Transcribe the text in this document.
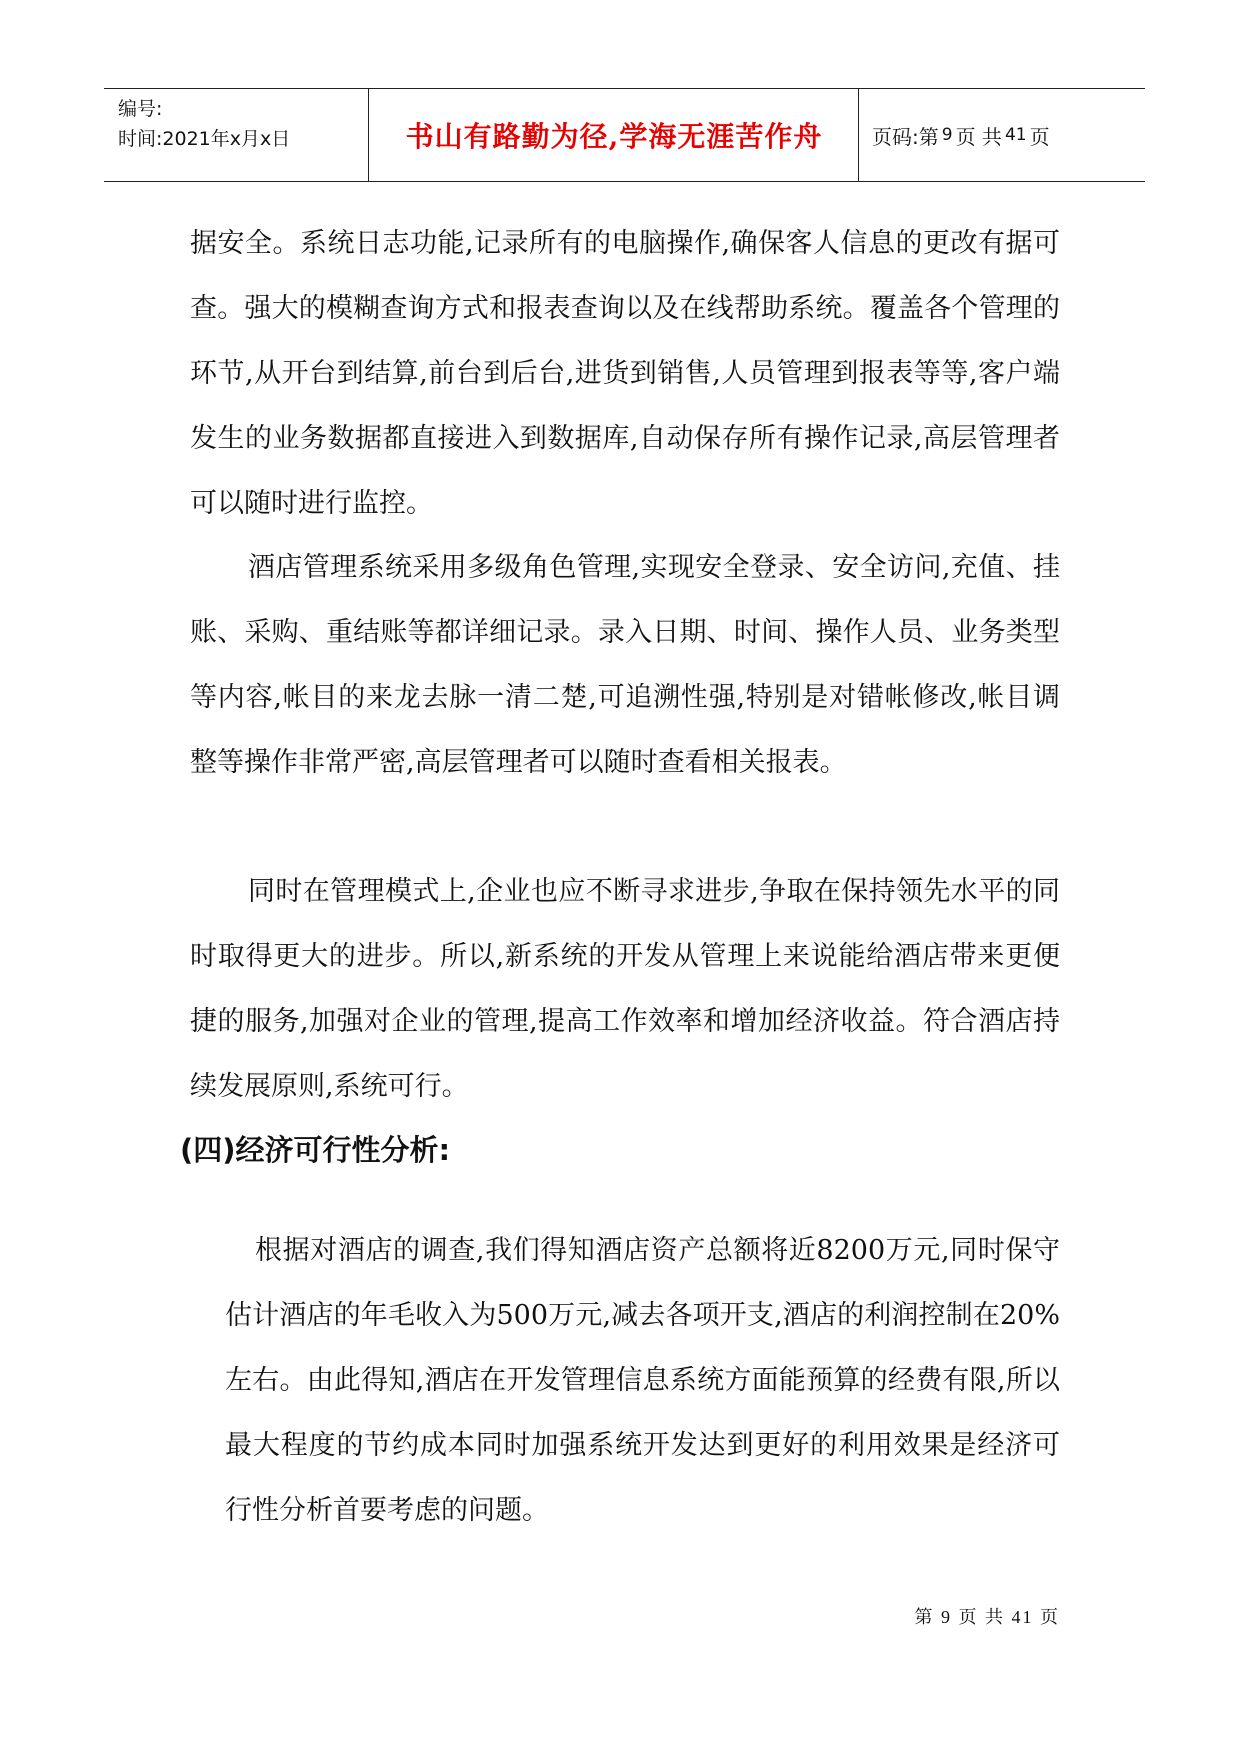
编号:
时间:2021年x月x日	书山有路勤为径,学海无涯苦作舟	页码:第 9 页 共 41 页

据安全。系统日志功能,记录所有的电脑操作,确保客人信息的更改有据可查。强大的模糊查询方式和报表查询以及在线帮助系统。覆盖各个管理的环节,从开台到结算,前台到后台,进货到销售,人员管理到报表等等,客户端发生的业务数据都直接进入到数据库,自动保存所有操作记录,高层管理者可以随时进行监控。

酒店管理系统采用多级角色管理,实现安全登录、安全访问,充值、挂账、采购、重结账等都详细记录。录入日期、时间、操作人员、业务类型等内容,帐目的来龙去脉一清二楚,可追溯性强,特别是对错帐修改,帐目调整等操作非常严密,高层管理者可以随时查看相关报表。

同时在管理模式上,企业也应不断寻求进步,争取在保持领先水平的同时取得更大的进步。所以,新系统的开发从管理上来说能给酒店带来更便捷的服务,加强对企业的管理,提高工作效率和增加经济收益。符合酒店持续发展原则,系统可行。

(四)经济可行性分析:

根据对酒店的调查,我们得知酒店资产总额将近8200万元,同时保守估计酒店的年毛收入为500万元,减去各项开支,酒店的利润控制在20%左右。由此得知,酒店在开发管理信息系统方面能预算的经费有限,所以最大程度的节约成本同时加强系统开发达到更好的利用效果是经济可行性分析首要考虑的问题。

第 9 页 共 41 页
